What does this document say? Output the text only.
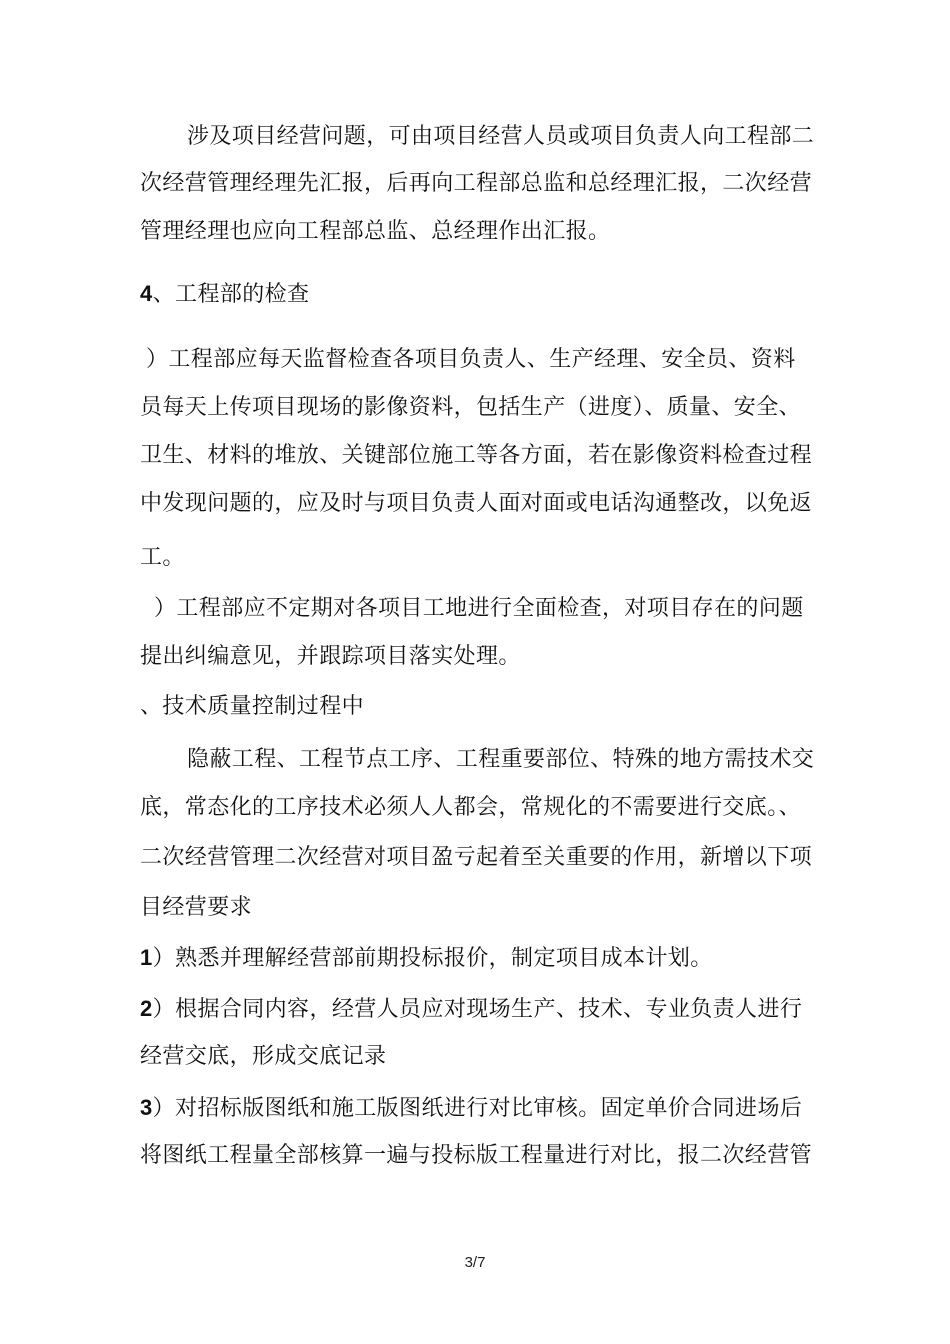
涉及项目经营问题，可由项目经营人员或项目负责人向工程部二
次经营管理经理先汇报，后再向工程部总监和总经理汇报，二次经营
管理经理也应向工程部总监、总经理作出汇报。
4、工程部的检查
）工程部应每天监督检查各项目负责人、生产经理、安全员、资料
员每天上传项目现场的影像资料，包括生产（进度）、质量、安全、
卫生、材料的堆放、关键部位施工等各方面，若在影像资料检查过程
中发现问题的，应及时与项目负责人面对面或电话沟通整改，以免返
工。
）工程部应不定期对各项目工地进行全面检查，对项目存在的问题
提出纠编意见，并跟踪项目落实处理。
、技术质量控制过程中
隐蔽工程、工程节点工序、工程重要部位、特殊的地方需技术交
底，常态化的工序技术必须人人都会，常规化的不需要进行交底。、
二次经营管理二次经营对项目盈亏起着至关重要的作用，新增以下项
目经营要求
1）熟悉并理解经营部前期投标报价，制定项目成本计划。
2）根据合同内容，经营人员应对现场生产、技术、专业负责人进行
经营交底，形成交底记录
3）对招标版图纸和施工版图纸进行对比审核。固定单价合同进场后
将图纸工程量全部核算一遍与投标版工程量进行对比，报二次经营管
3/7
